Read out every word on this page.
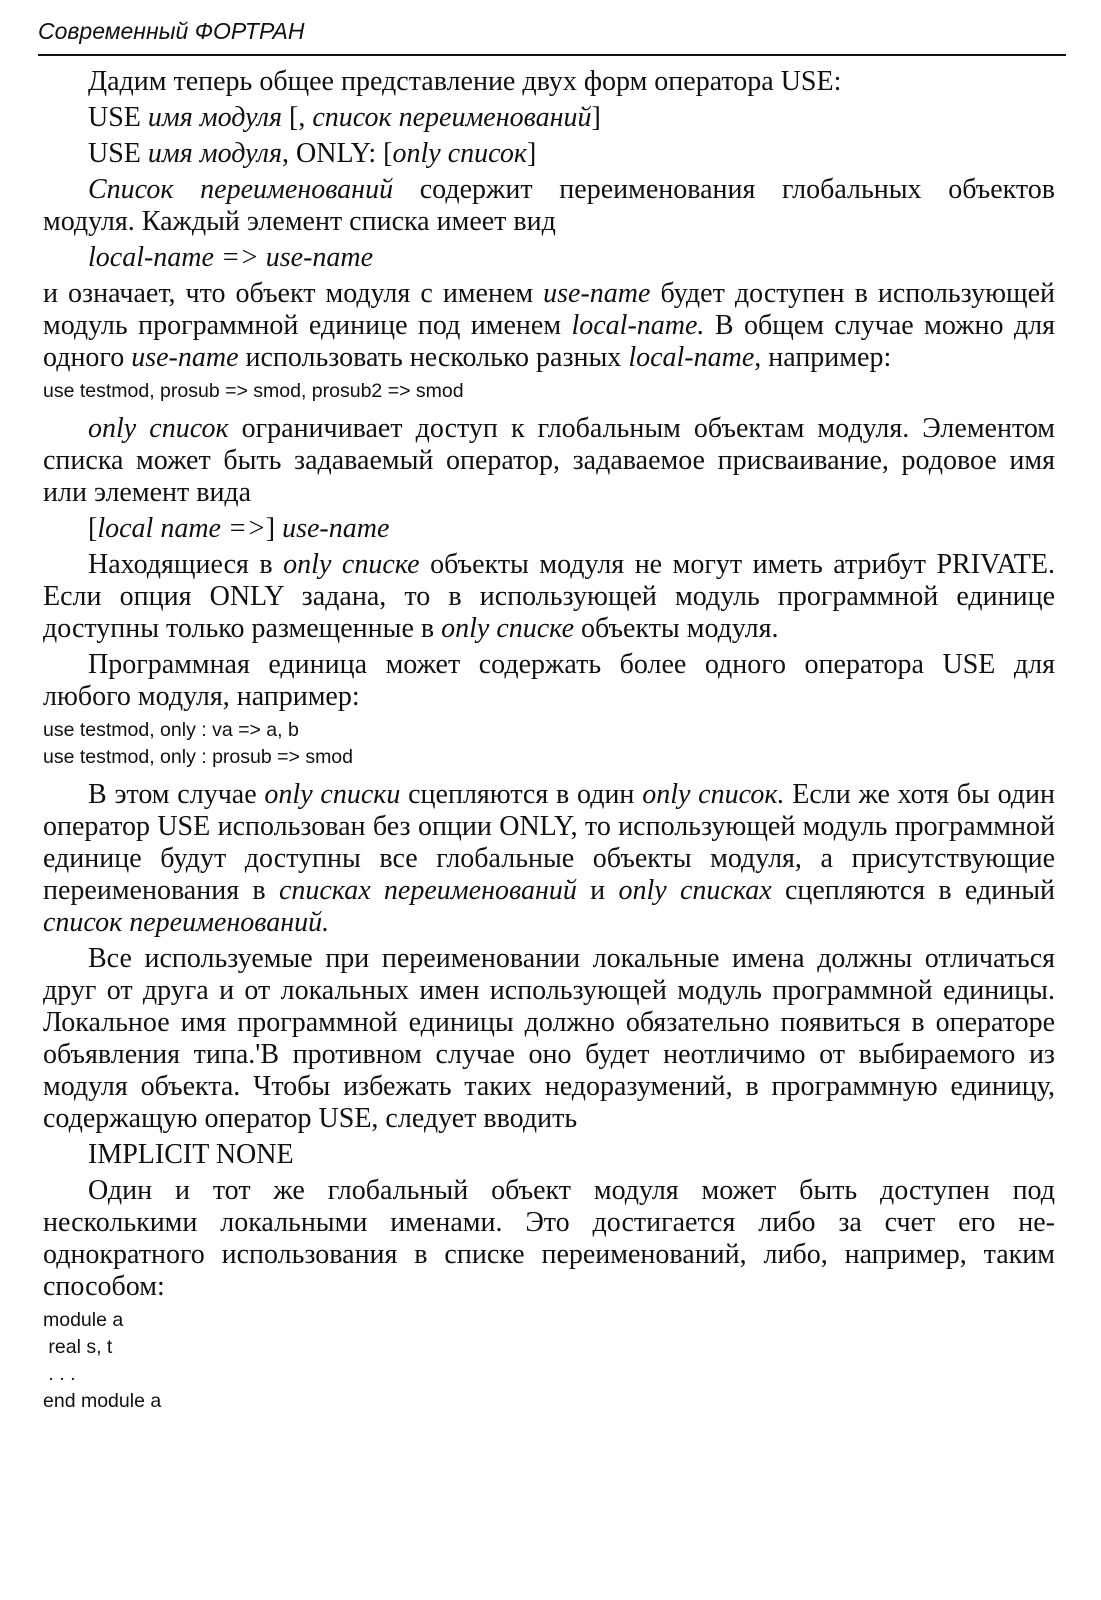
Современный ФОРТРАН

Дадим теперь общее представление двух форм оператора USE:

USE имя модуля [, список переименований]
USE имя модуля, ONLY: [only список]

Список переименований содержит переименования глобальных объектов модуля. Каждый элемент списка имеет вид

local-name => use-name

и означает, что объект модуля с именем use-name будет доступен в использующей модуль программной единице под именем local-name. В общем случае можно для одного use-name использовать несколько разных local-name, например:

use testmod, prosub => smod, prosub2 => smod

only список ограничивает доступ к глобальным объектам модуля. Элементом списка может быть задаваемый оператор, задаваемое присваивание, родовое имя или элемент вида

[local name =>] use-name

Находящиеся в only списке объекты модуля не могут иметь атрибут PRIVATE. Если опция ONLY задана, то в использующей модуль программной единице доступны только размещенные в only списке объекты модуля.

Программная единица может содержать более одного оператора USE для любого модуля, например:

use testmod, only : va => a, b
use testmod, only : prosub => smod

В этом случае only списки сцепляются в один only список. Если же хотя бы один оператор USE использован без опции ONLY, то использующей модуль программной единице будут доступны все глобальные объекты модуля, а присутствующие переименования в списках переименований и only списках сцепляются в единый список переименований.

Все используемые при переименовании локальные имена должны отличаться друг от друга и от локальных имен использующей модуль программной единицы. Локальное имя программной единицы должно обязательно появиться в операторе объявления типа.'В противном случае оно будет неотличимо от выбираемого из модуля объекта. Чтобы избежать таких недоразумений, в программную единицу, содержащую оператор USE, следует вводить

IMPLICIT NONE

Один и тот же глобальный объект модуля может быть доступен под несколькими локальными именами. Это достигается либо за счет его неоднократного использования в списке переименований, либо, например, таким способом:

module a
real s, t
. . .
end module a
